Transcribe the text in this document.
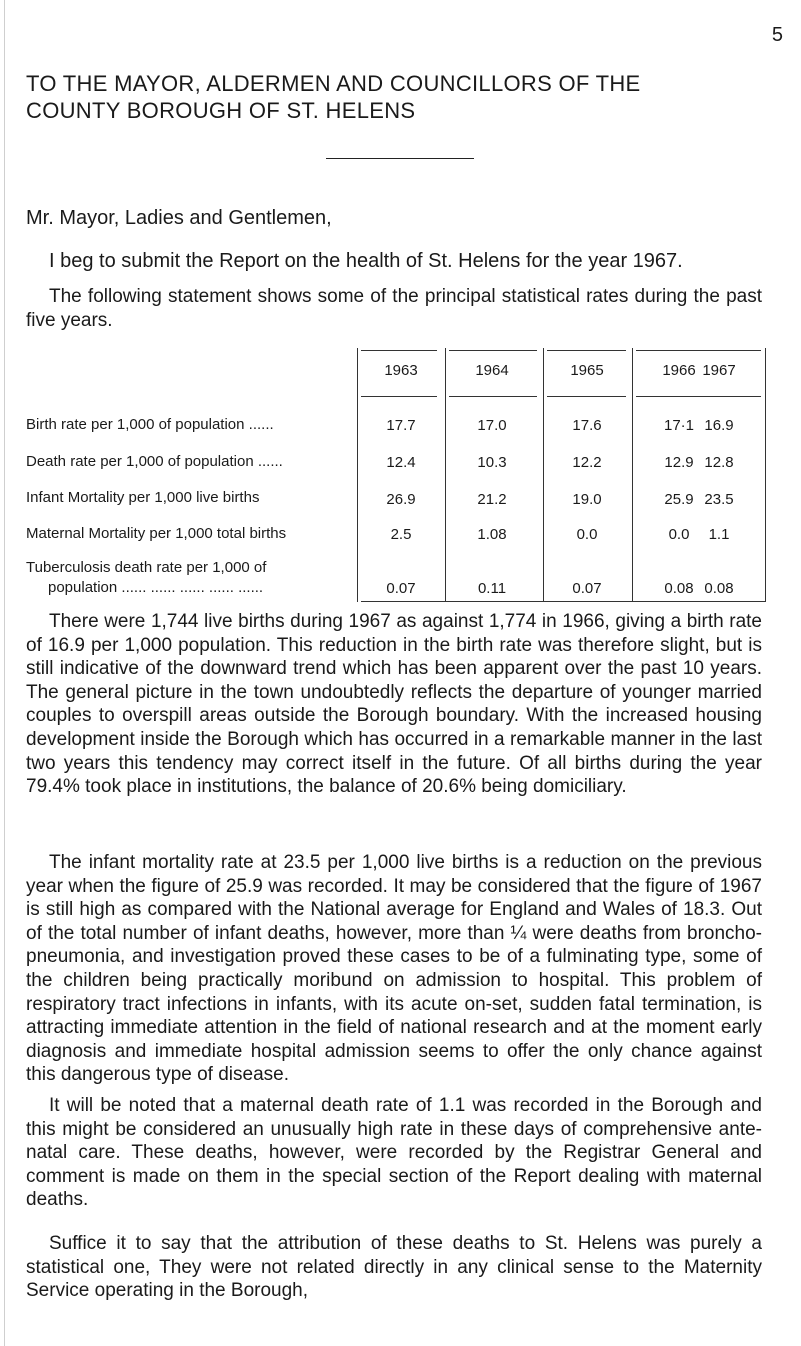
5
TO THE MAYOR, ALDERMEN AND COUNCILLORS OF THE
COUNTY BOROUGH OF ST. HELENS
Mr. Mayor, Ladies and Gentlemen,
I beg to submit the Report on the health of St. Helens for the year 1967.

The following statement shows some of the principal statistical rates during the past five years.

1963	1964	1965	1966 1967
Birth rate per 1,000 of population ......	17.7	17.0	17.6	17·1 16.9
Death rate per 1,000 of population ......	12.4	10.3	12.2	12.9 12.8
Infant Mortality per 1,000 live births	26.9	21.2	19.0	25.9 23.5
Maternal Mortality per 1,000 total births	2.5	1.08	0.0	0.0	1.1
Tuberculosis death rate per 1,000 of
population ...... ...... ...... ...... ......	0.07	0.11	0.07	0.08 0.08

There were 1,744 live births during 1967 as against 1,774 in 1966, giving a birth rate of 16.9 per 1,000 population. This reduction in the birth rate was therefore slight, but is still indicative of the downward trend which has been apparent over the past 10 years. The general picture in the town undoubtedly reflects the departure of younger married couples to overspill areas outside the Borough boundary. With the increased housing development inside the Borough which has occurred in a remarkable manner in the last two years this tendency may correct itself in the future. Of all births during the year 79.4% took place in institutions, the balance of 20.6% being domiciliary.

The infant mortality rate at 23.5 per 1,000 live births is a reduction on the previous year when the figure of 25.9 was recorded. It may be considered that the figure of 1967 is still high as compared with the National average for England and Wales of 18.3. Out of the total number of infant deaths, however, more than ¼ were deaths from broncho-pneumonia, and investigation proved these cases to be of a fulminating type, some of the children being practically moribund on admission to hospital. This problem of respiratory tract infections in infants, with its acute on-set, sudden fatal termination, is attracting immediate attention in the field of national research and at the moment early diagnosis and immediate hospital admission seems to offer the only chance against this dangerous type of disease.

It will be noted that a maternal death rate of 1.1 was recorded in the Borough and this might be considered an unusually high rate in these days of comprehensive ante-natal care. These deaths, however, were recorded by the Registrar General and comment is made on them in the special section of the Report dealing with maternal deaths.

Suffice it to say that the attribution of these deaths to St. Helens was purely a statistical one, They were not related directly in any clinical sense to the Maternity Service operating in the Borough,
